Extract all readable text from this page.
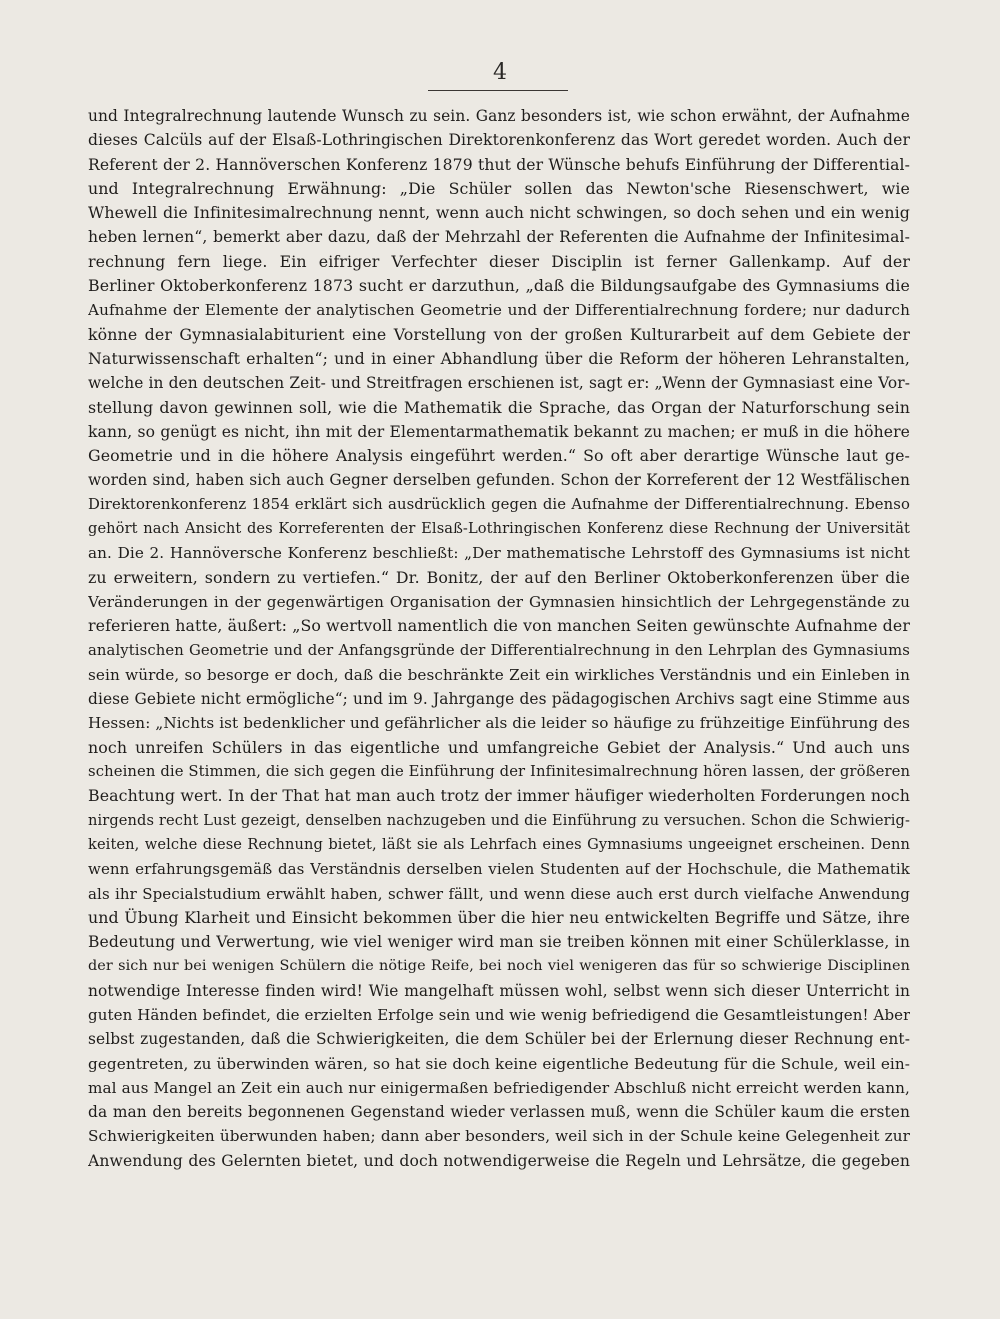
4
und Integralrechnung lautende Wunsch zu sein. Ganz besonders ist, wie schon erwähnt, der Aufnahme
dieses Calcüls auf der Elsaß-Lothringischen Direktorenkonferenz das Wort geredet worden. Auch der
Referent der 2. Hannöverschen Konferenz 1879 thut der Wünsche behufs Einführung der Differential-
und Integralrechnung Erwähnung: „Die Schüler sollen das Newton'sche Riesenschwert, wie
Whewell die Infinitesimalrechnung nennt, wenn auch nicht schwingen, so doch sehen und ein wenig
heben lernen“, bemerkt aber dazu, daß der Mehrzahl der Referenten die Aufnahme der Infinitesimal-
rechnung fern liege. Ein eifriger Verfechter dieser Disciplin ist ferner Gallenkamp. Auf der
Berliner Oktoberkonferenz 1873 sucht er darzuthun, „daß die Bildungsaufgabe des Gymnasiums die
Aufnahme der Elemente der analytischen Geometrie und der Differentialrechnung fordere; nur dadurch
könne der Gymnasialabiturient eine Vorstellung von der großen Kulturarbeit auf dem Gebiete der
Naturwissenschaft erhalten“; und in einer Abhandlung über die Reform der höheren Lehranstalten,
welche in den deutschen Zeit- und Streitfragen erschienen ist, sagt er: „Wenn der Gymnasiast eine Vor-
stellung davon gewinnen soll, wie die Mathematik die Sprache, das Organ der Naturforschung sein
kann, so genügt es nicht, ihn mit der Elementarmathematik bekannt zu machen; er muß in die höhere
Geometrie und in die höhere Analysis eingeführt werden.“ So oft aber derartige Wünsche laut ge-
worden sind, haben sich auch Gegner derselben gefunden. Schon der Korreferent der 12 Westfälischen
Direktorenkonferenz 1854 erklärt sich ausdrücklich gegen die Aufnahme der Differentialrechnung. Ebenso
gehört nach Ansicht des Korreferenten der Elsaß-Lothringischen Konferenz diese Rechnung der Universität
an. Die 2. Hannöversche Konferenz beschließt: „Der mathematische Lehrstoff des Gymnasiums ist nicht
zu erweitern, sondern zu vertiefen.“ Dr. Bonitz, der auf den Berliner Oktoberkonferenzen über die
Veränderungen in der gegenwärtigen Organisation der Gymnasien hinsichtlich der Lehrgegenstände zu
referieren hatte, äußert: „So wertvoll namentlich die von manchen Seiten gewünschte Aufnahme der
analytischen Geometrie und der Anfangsgründe der Differentialrechnung in den Lehrplan des Gymnasiums
sein würde, so besorge er doch, daß die beschränkte Zeit ein wirkliches Verständnis und ein Einleben in
diese Gebiete nicht ermögliche“; und im 9. Jahrgange des pädagogischen Archivs sagt eine Stimme aus
Hessen: „Nichts ist bedenklicher und gefährlicher als die leider so häufige zu frühzeitige Einführung des
noch unreifen Schülers in das eigentliche und umfangreiche Gebiet der Analysis.“ Und auch uns
scheinen die Stimmen, die sich gegen die Einführung der Infinitesimalrechnung hören lassen, der größeren
Beachtung wert. In der That hat man auch trotz der immer häufiger wiederholten Forderungen noch
nirgends recht Lust gezeigt, denselben nachzugeben und die Einführung zu versuchen. Schon die Schwierig-
keiten, welche diese Rechnung bietet, läßt sie als Lehrfach eines Gymnasiums ungeeignet erscheinen. Denn
wenn erfahrungsgemäß das Verständnis derselben vielen Studenten auf der Hochschule, die Mathematik
als ihr Specialstudium erwählt haben, schwer fällt, und wenn diese auch erst durch vielfache Anwendung
und Übung Klarheit und Einsicht bekommen über die hier neu entwickelten Begriffe und Sätze, ihre
Bedeutung und Verwertung, wie viel weniger wird man sie treiben können mit einer Schülerklasse, in
der sich nur bei wenigen Schülern die nötige Reife, bei noch viel wenigeren das für so schwierige Disciplinen
notwendige Interesse finden wird! Wie mangelhaft müssen wohl, selbst wenn sich dieser Unterricht in
guten Händen befindet, die erzielten Erfolge sein und wie wenig befriedigend die Gesamtleistungen! Aber
selbst zugestanden, daß die Schwierigkeiten, die dem Schüler bei der Erlernung dieser Rechnung ent-
gegentreten, zu überwinden wären, so hat sie doch keine eigentliche Bedeutung für die Schule, weil ein-
mal aus Mangel an Zeit ein auch nur einigermaßen befriedigender Abschluß nicht erreicht werden kann,
da man den bereits begonnenen Gegenstand wieder verlassen muß, wenn die Schüler kaum die ersten
Schwierigkeiten überwunden haben; dann aber besonders, weil sich in der Schule keine Gelegenheit zur
Anwendung des Gelernten bietet, und doch notwendigerweise die Regeln und Lehrsätze, die gegeben
